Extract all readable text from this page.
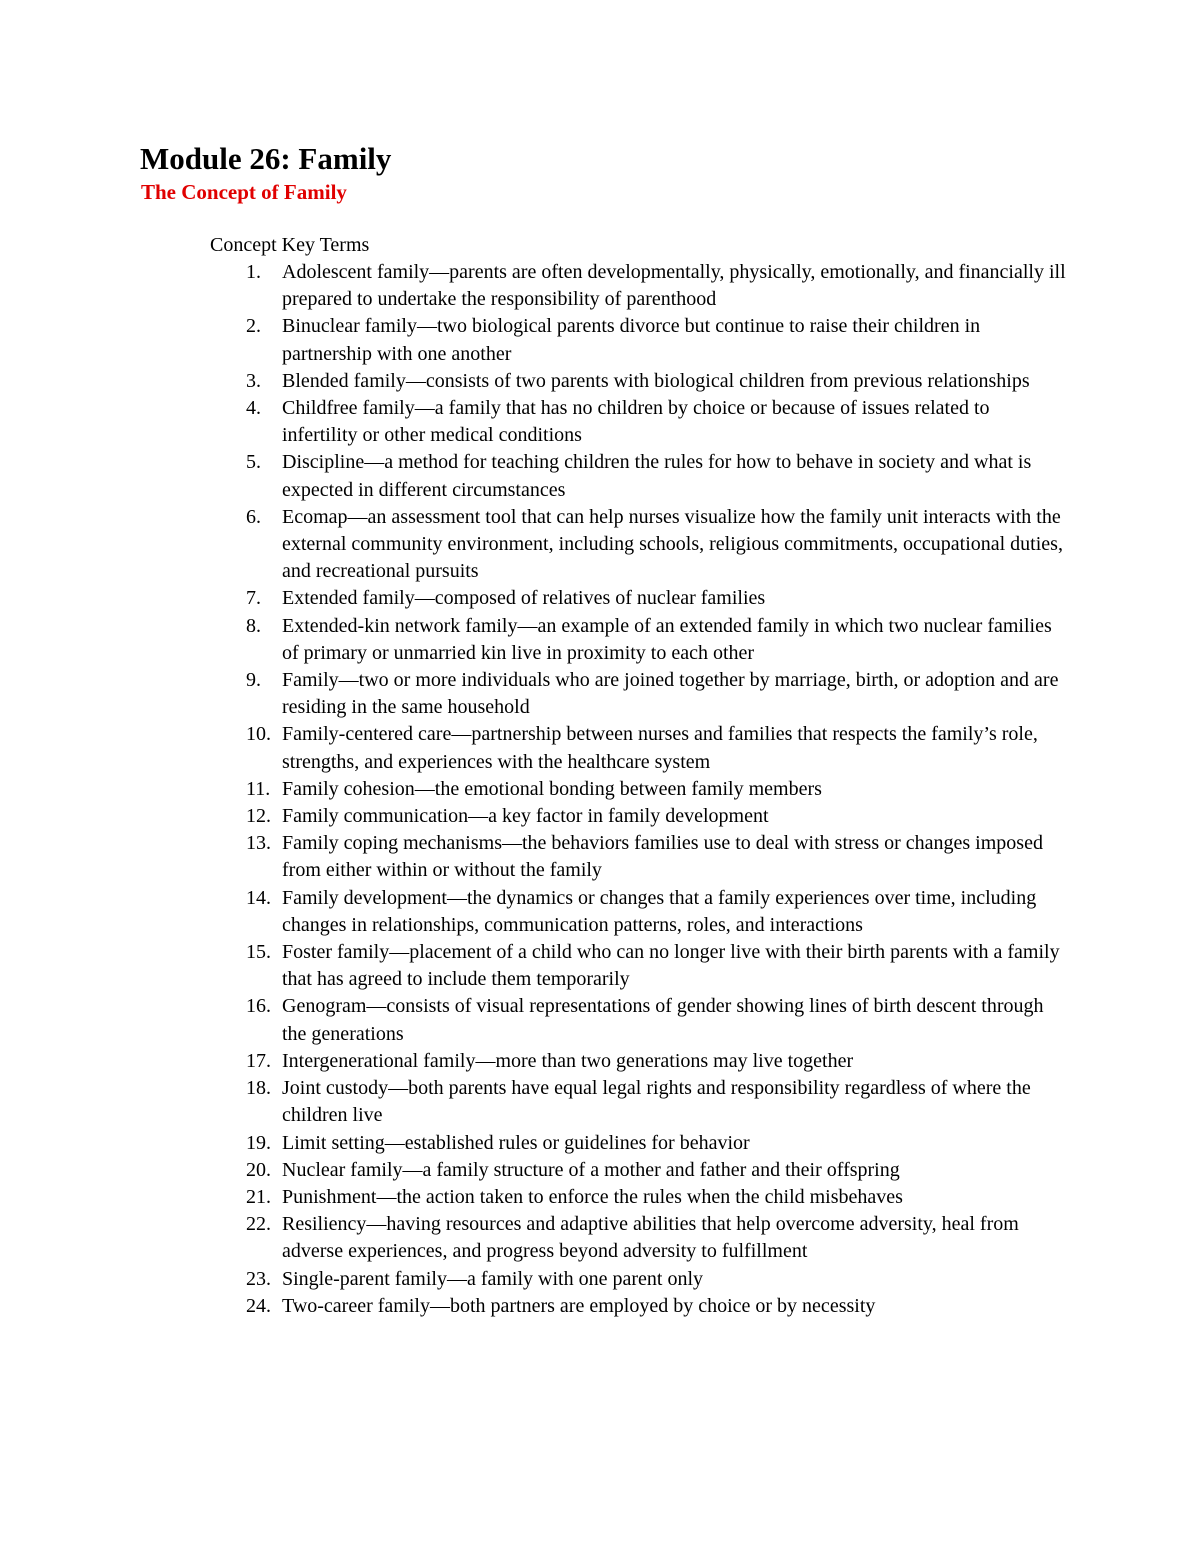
Module 26: Family
The Concept of Family

Concept Key Terms

1.	Adolescent family—parents are often developmentally, physically, emotionally, and financially ill prepared to undertake the responsibility of parenthood
2.	Binuclear family—two biological parents divorce but continue to raise their children in partnership with one another
3.	Blended family—consists of two parents with biological children from previous relationships
4.	Childfree family—a family that has no children by choice or because of issues related to infertility or other medical conditions
5.	Discipline—a method for teaching children the rules for how to behave in society and what is expected in different circumstances
6.	Ecomap—an assessment tool that can help nurses visualize how the family unit interacts with the external community environment, including schools, religious commitments, occupational duties, and recreational pursuits
7.	Extended family—composed of relatives of nuclear families
8.	Extended-kin network family—an example of an extended family in which two nuclear families of primary or unmarried kin live in proximity to each other
9.	Family—two or more individuals who are joined together by marriage, birth, or adoption and are residing in the same household
10. Family-centered care—partnership between nurses and families that respects the family’s role, strengths, and experiences with the healthcare system
11. Family cohesion—the emotional bonding between family members
12. Family communication—a key factor in family development
13. Family coping mechanisms—the behaviors families use to deal with stress or changes imposed from either within or without the family
14. Family development—the dynamics or changes that a family experiences over time, including changes in relationships, communication patterns, roles, and interactions
15. Foster family—placement of a child who can no longer live with their birth parents with a family that has agreed to include them temporarily
16. Genogram—consists of visual representations of gender showing lines of birth descent through the generations
17. Intergenerational family—more than two generations may live together
18. Joint custody—both parents have equal legal rights and responsibility regardless of where the children live
19. Limit setting—established rules or guidelines for behavior
20. Nuclear family—a family structure of a mother and father and their offspring
21. Punishment—the action taken to enforce the rules when the child misbehaves
22. Resiliency—having resources and adaptive abilities that help overcome adversity, heal from adverse experiences, and progress beyond adversity to fulfillment
23. Single-parent family—a family with one parent only
24. Two-career family—both partners are employed by choice or by necessity
